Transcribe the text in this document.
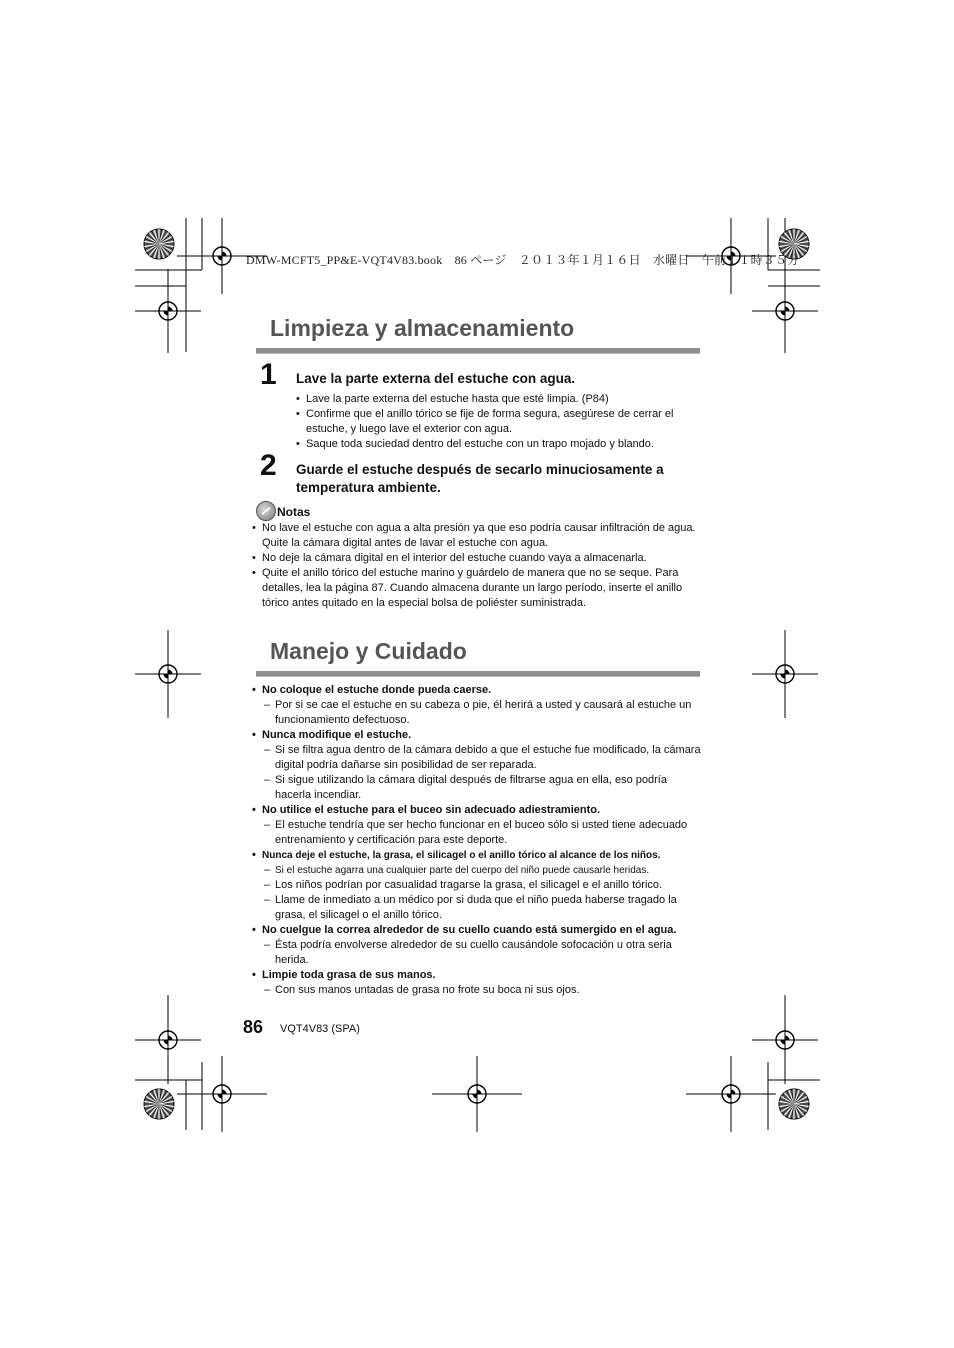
DMW-MCFT5_PP&E-VQT4V83.book　86 ページ　２０１３年１月１６日　水曜日　午前１１時３５分
Limpieza y almacenamiento
1 Lave la parte externa del estuche con agua.
• Lave la parte externa del estuche hasta que esté limpia. (P84)
• Confirme que el anillo tórico se fije de forma segura, asegúrese de cerrar el estuche, y luego lave el exterior con agua.
• Saque toda suciedad dentro del estuche con un trapo mojado y blando.
2 Guarde el estuche después de secarlo minuciosamente a temperatura ambiente.
Notas
• No lave el estuche con agua a alta presión ya que eso podría causar infiltración de agua. Quite la cámara digital antes de lavar el estuche con agua.
• No deje la cámara digital en el interior del estuche cuando vaya a almacenarla.
• Quite el anillo tórico del estuche marino y guárdelo de manera que no se seque. Para detalles, lea la página 87. Cuando almacena durante un largo período, inserte el anillo tórico antes quitado en la especial bolsa de poliéster suministrada.
Manejo y Cuidado
• No coloque el estuche donde pueda caerse.
– Por si se cae el estuche en su cabeza o pie, él herirá a usted y causará al estuche un funcionamiento defectuoso.
• Nunca modifique el estuche.
– Si se filtra agua dentro de la cámara debido a que el estuche fue modificado, la cámara digital podría dañarse sin posibilidad de ser reparada.
– Si sigue utilizando la cámara digital después de filtrarse agua en ella, eso podría hacerla incendiar.
• No utilice el estuche para el buceo sin adecuado adiestramiento.
– El estuche tendría que ser hecho funcionar en el buceo sólo si usted tiene adecuado entrenamiento y certificación para este deporte.
• Nunca deje el estuche, la grasa, el silicagel o el anillo tórico al alcance de los niños.
– Si el estuche agarra una cualquier parte del cuerpo del niño puede causarle heridas.
– Los niños podrían por casualidad tragarse la grasa, el silicagel e el anillo tórico.
– Llame de inmediato a un médico por si duda que el niño pueda haberse tragado la grasa, el silicagel o el anillo tórico.
• No cuelgue la correa alrededor de su cuello cuando está sumergido en el agua.
– Ésta podría envolverse alrededor de su cuello causándole sofocación u otra seria herida.
• Limpie toda grasa de sus manos.
– Con sus manos untadas de grasa no frote su boca ni sus ojos.
86 VQT4V83 (SPA)
